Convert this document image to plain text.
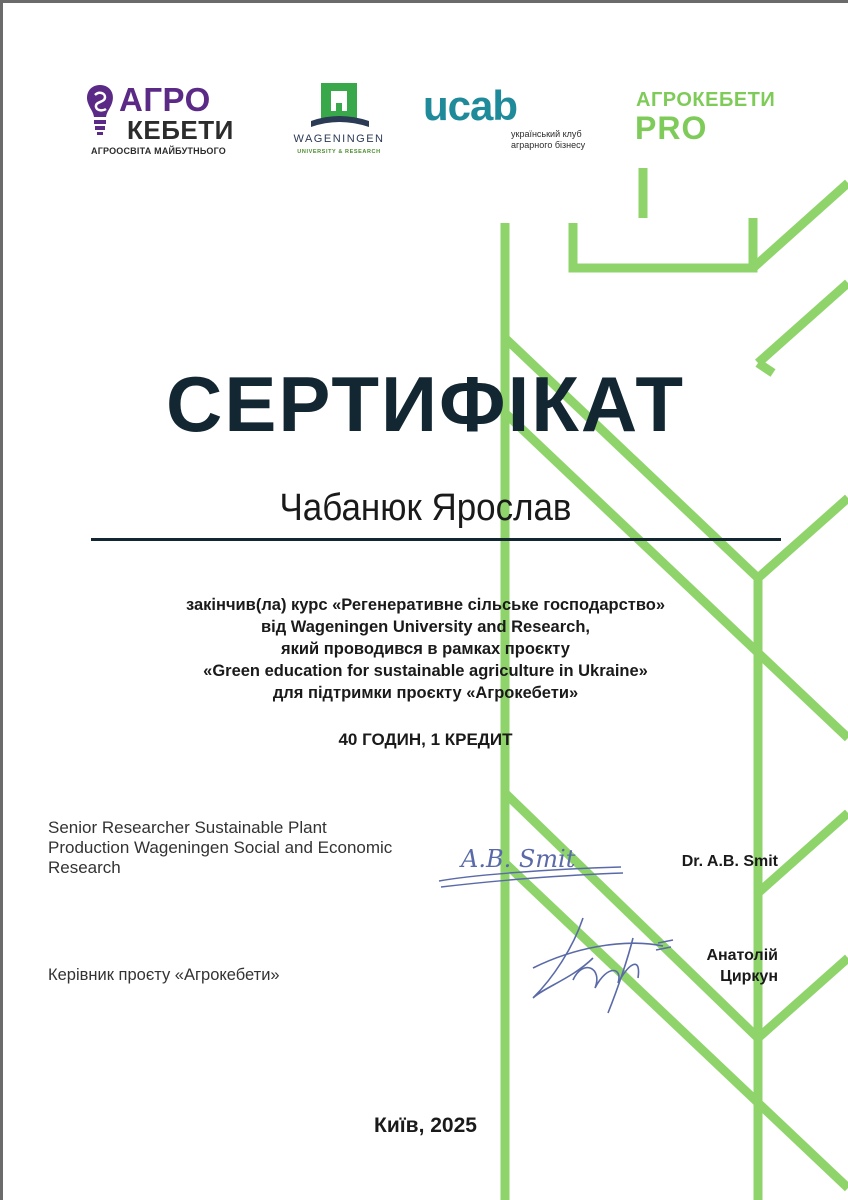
АГРО
КЕБЕТИ
АГРООСВІТА МАЙБУТНЬОГО
WAGENINGEN
UNIVERSITY & RESEARCH
ucab
український клуб
аграрного бізнесу
АГРОКЕБЕТИ
PRO
СЕРТИФІКАТ
Чабанюк Ярослав
закінчив(ла) курс «Регенеративне сільське господарство»
від Wageningen University and Research,
який проводився в рамках проєкту
«Green education for sustainable agriculture in Ukraine»
для підтримки проєкту «Агрокебети»
40 ГОДИН, 1 КРЕДИТ
Senior Researcher Sustainable Plant Production Wageningen Social and Economic Research	A.B. Smit	Dr. A.B. Smit
Керівник проєту «Агрокебети»
Анатолій
Циркун
Київ, 2025
